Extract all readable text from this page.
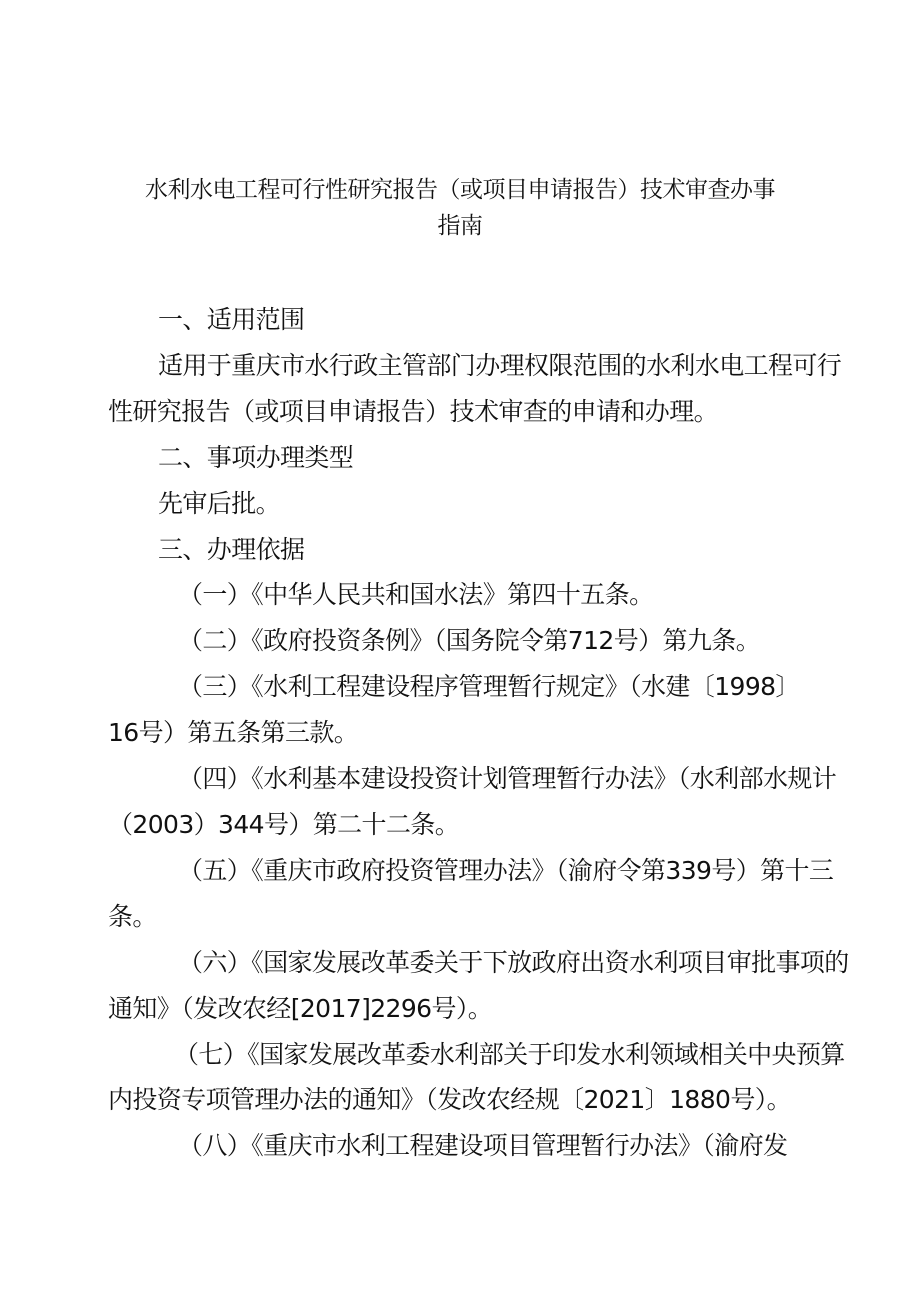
水利水电工程可行性研究报告（或项目申请报告）技术审查办事
指南

一、适用范围

适用于重庆市水行政主管部门办理权限范围的水利水电工程可行

性研究报告（或项目申请报告）技术审查的申请和办理。

二、事项办理类型

先审后批。

三、办理依据

（一）《中华人民共和国水法》第四十五条。

（二）《政府投资条例》（国务院令第712号）第九条。

（三）《水利工程建设程序管理暂行规定》（水建〔1998〕

16号）第五条第三款。

（四）《水利基本建设投资计划管理暂行办法》（水利部水规计

（2003）344号）第二十二条。

（五）《重庆市政府投资管理办法》（渝府令第339号）第十三

条。

（六）《国家发展改革委关于下放政府出资水利项目审批事项的

通知》（发改农经[2017]2296号）。

（七）《国家发展改革委水利部关于印发水利领域相关中央预算

内投资专项管理办法的通知》（发改农经规〔2021〕1880号）。

（八）《重庆市水利工程建设项目管理暂行办法》（渝府发
